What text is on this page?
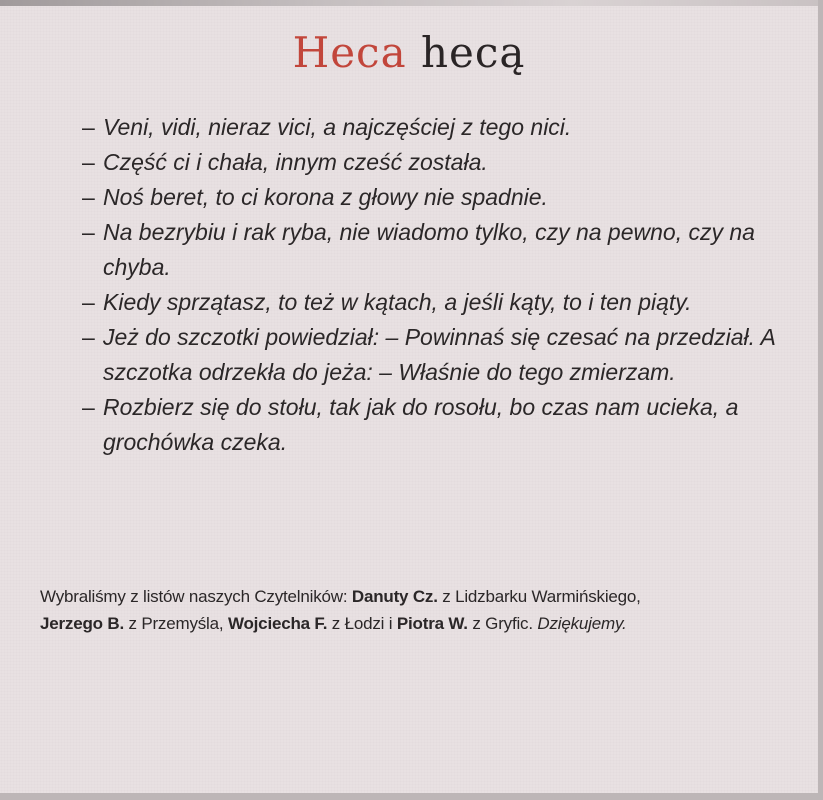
Heca hecą
– Veni, vidi, nieraz vici, a najczęściej z tego nici.
– Część ci i chała, innym cześć została.
– Noś beret, to ci korona z głowy nie spadnie.
– Na bezrybiu i rak ryba, nie wiadomo tylko, czy na pewno, czy na chyba.
– Kiedy sprzątasz, to też w kątach, a jeśli kąty, to i ten piąty.
– Jeż do szczotki powiedział: – Powinnaś się czesać na przedział. A szczotka odrzekła do jeża: – Właśnie do tego zmierzam.
– Rozbierz się do stołu, tak jak do rosołu, bo czas nam ucieka, a grochówka czeka.

Wybraliśmy z listów naszych Czytelników: Danuty Cz. z Lidzbarku Warmińskiego,
Jerzego B. z Przemyśla, Wojciecha F. z Łodzi i Piotra W. z Gryfic. Dziękujemy.
